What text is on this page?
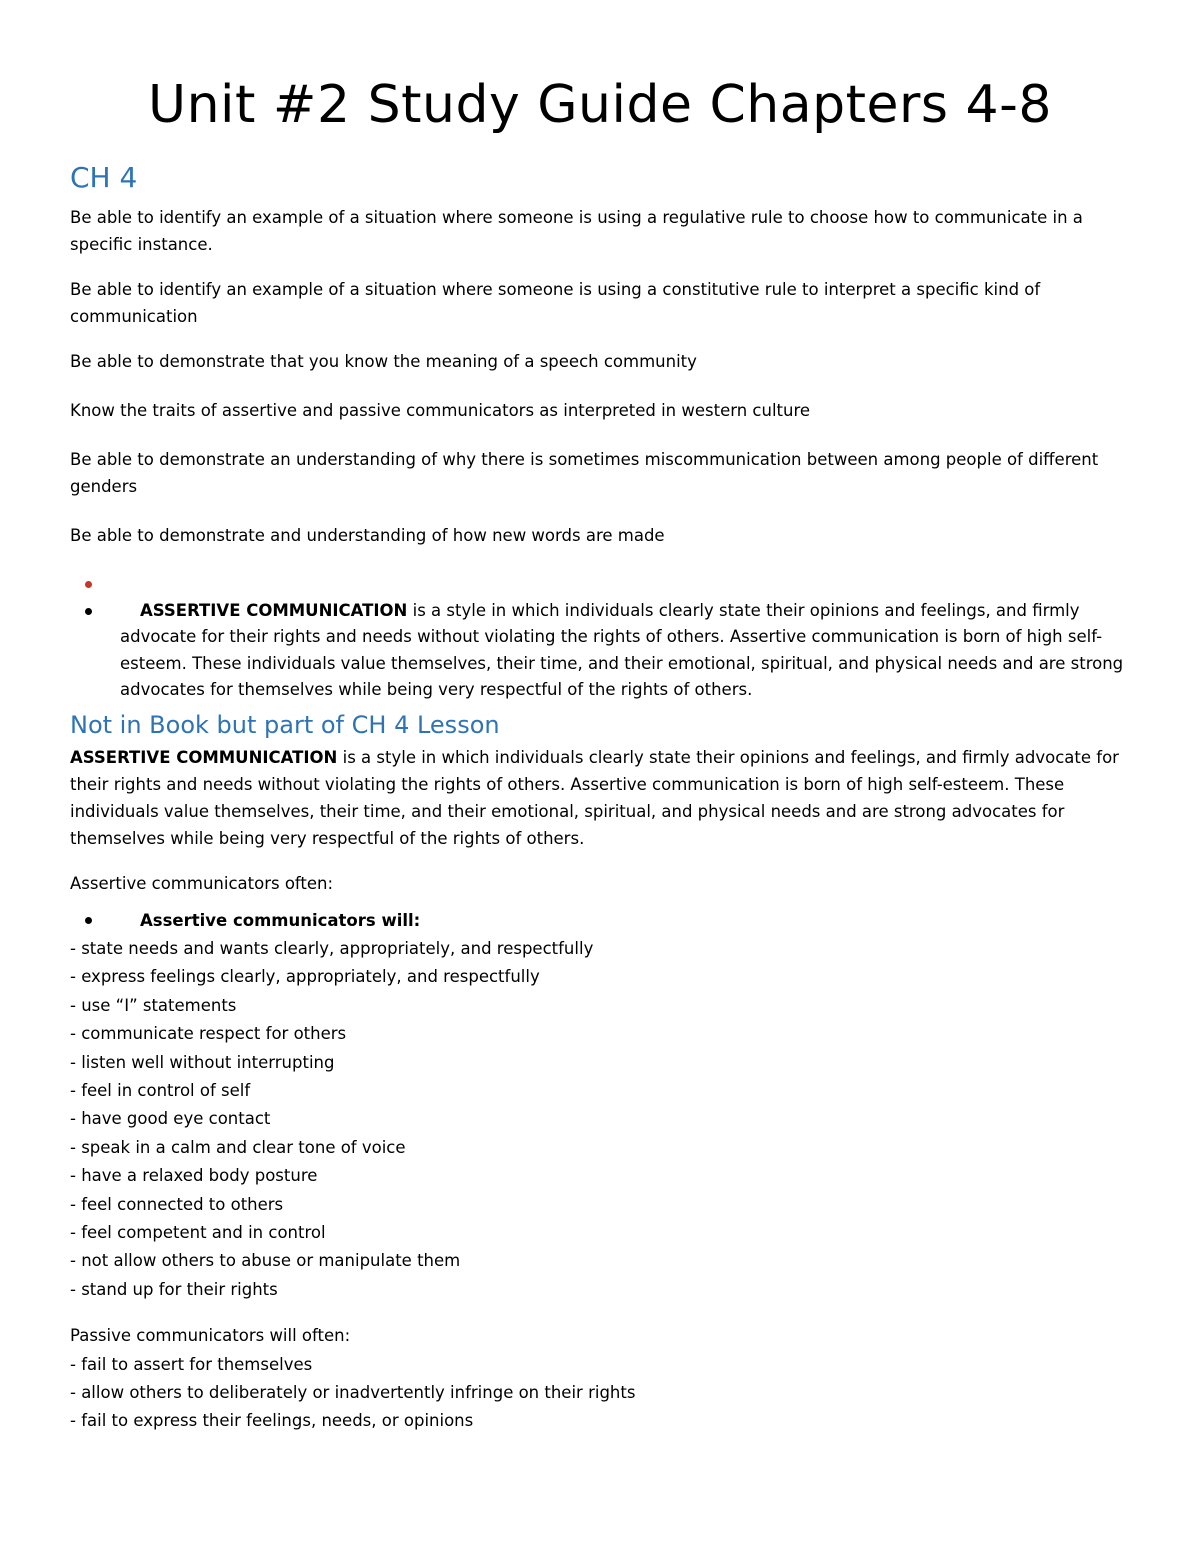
Unit #2 Study Guide Chapters 4-8
CH 4

Be able to identify an example of a situation where someone is using a regulative rule to choose how to communicate in a specific instance.

Be able to identify an example of a situation where someone is using a constitutive rule to interpret a specific kind of communication

Be able to demonstrate that you know the meaning of a speech community

Know the traits of assertive and passive communicators as interpreted in western culture

Be able to demonstrate an understanding of why there is sometimes miscommunication between among people of different genders

Be able to demonstrate and understanding of how new words are made

ASSERTIVE COMMUNICATION is a style in which individuals clearly state their opinions and feelings, and firmly advocate for their rights and needs without violating the rights of others. Assertive communication is born of high self-esteem. These individuals value themselves, their time, and their emotional, spiritual, and physical needs and are strong advocates for themselves while being very respectful of the rights of others.
Not in Book but part of CH 4 Lesson

ASSERTIVE COMMUNICATION is a style in which individuals clearly state their opinions and feelings, and firmly advocate for their rights and needs without violating the rights of others. Assertive communication is born of high self-esteem. These individuals value themselves, their time, and their emotional, spiritual, and physical needs and are strong advocates for themselves while being very respectful of the rights of others.

Assertive communicators often:

Assertive communicators will:
- state needs and wants clearly, appropriately, and respectfully
- express feelings clearly, appropriately, and respectfully
- use “I” statements
- communicate respect for others
- listen well without interrupting
- feel in control of self
- have good eye contact
- speak in a calm and clear tone of voice
- have a relaxed body posture
- feel connected to others
- feel competent and in control
- not allow others to abuse or manipulate them
- stand up for their rights
Passive communicators will often:
- fail to assert for themselves
- allow others to deliberately or inadvertently infringe on their rights
- fail to express their feelings, needs, or opinions
